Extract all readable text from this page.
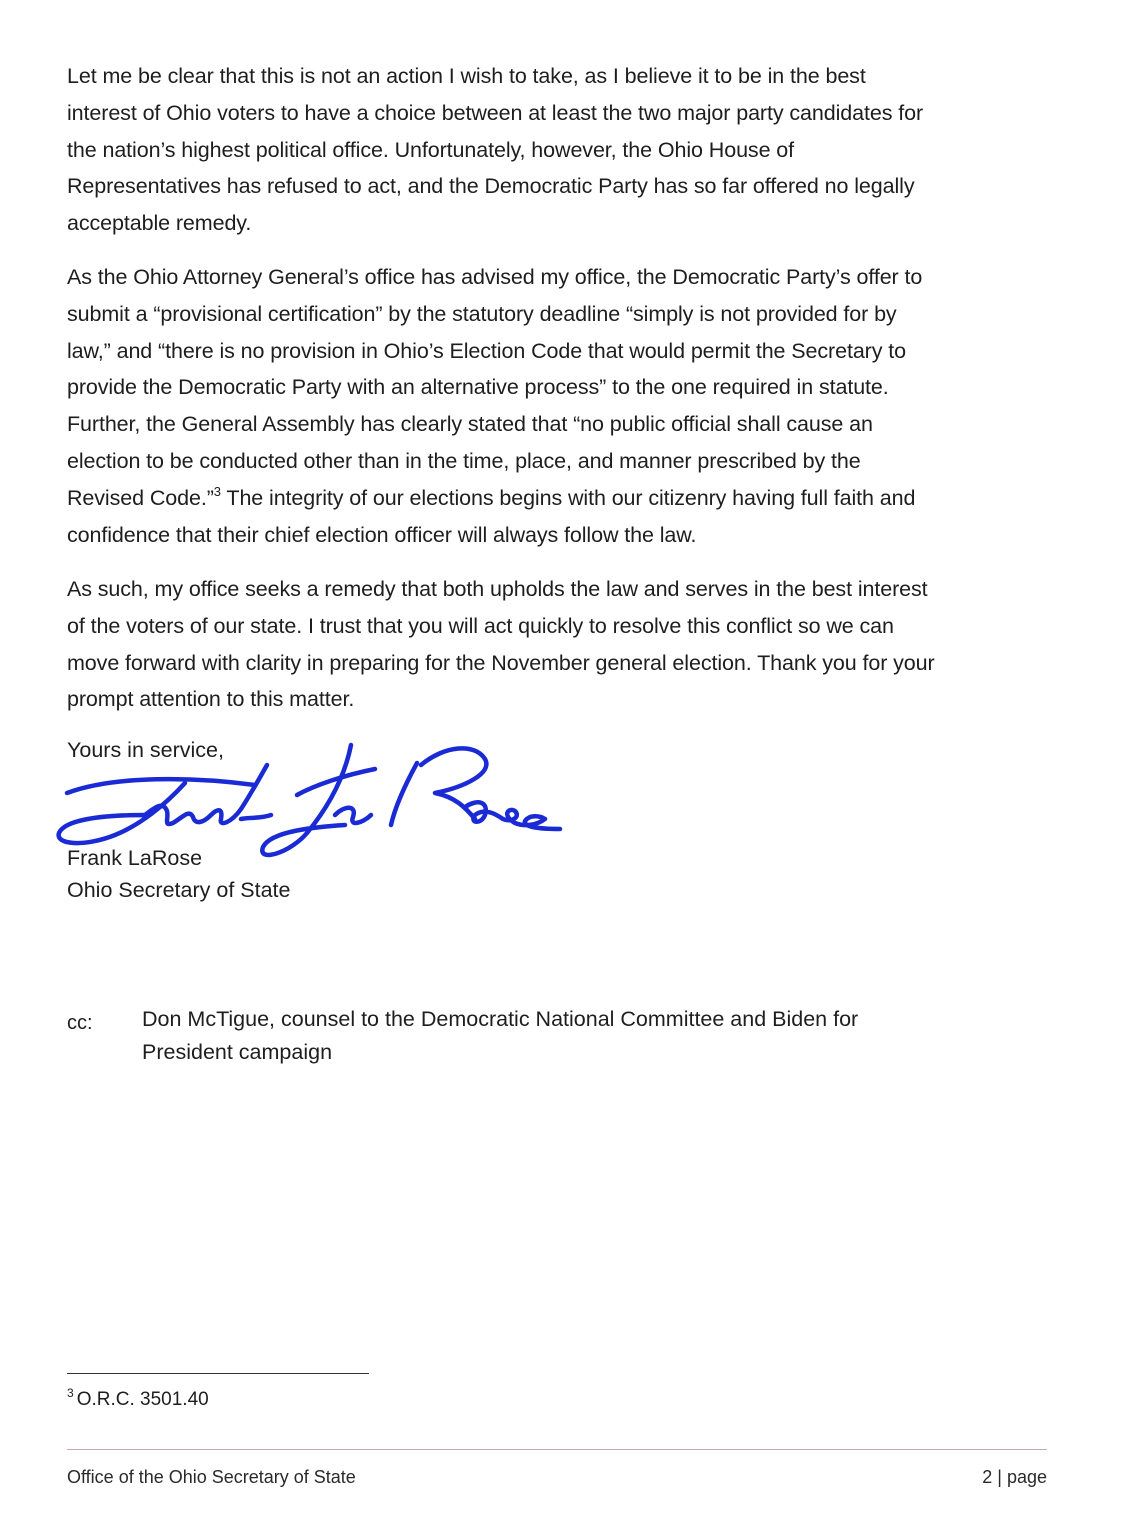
Let me be clear that this is not an action I wish to take, as I believe it to be in the best
interest of Ohio voters to have a choice between at least the two major party candidates for
the nation’s highest political office. Unfortunately, however, the Ohio House of
Representatives has refused to act, and the Democratic Party has so far offered no legally
acceptable remedy.

As the Ohio Attorney General’s office has advised my office, the Democratic Party’s offer to
submit a “provisional certification” by the statutory deadline “simply is not provided for by
law,” and “there is no provision in Ohio’s Election Code that would permit the Secretary to
provide the Democratic Party with an alternative process” to the one required in statute.
Further, the General Assembly has clearly stated that “no public official shall cause an
election to be conducted other than in the time, place, and manner prescribed by the
Revised Code.”$^3$ The integrity of our elections begins with our citizenry having full faith and
confidence that their chief election officer will always follow the law.

As such, my office seeks a remedy that both upholds the law and serves in the best interest
of the voters of our state. I trust that you will act quickly to resolve this conflict so we can
move forward with clarity in preparing for the November general election. Thank you for your
prompt attention to this matter.

Yours in service,

Frank LaRose
Ohio Secretary of State
cc: Don McTigue, counsel to the Democratic National Committee and Biden for
President campaign
$^3$ O.R.C. 3501.40
Office of the Ohio Secretary of State	2 | page
